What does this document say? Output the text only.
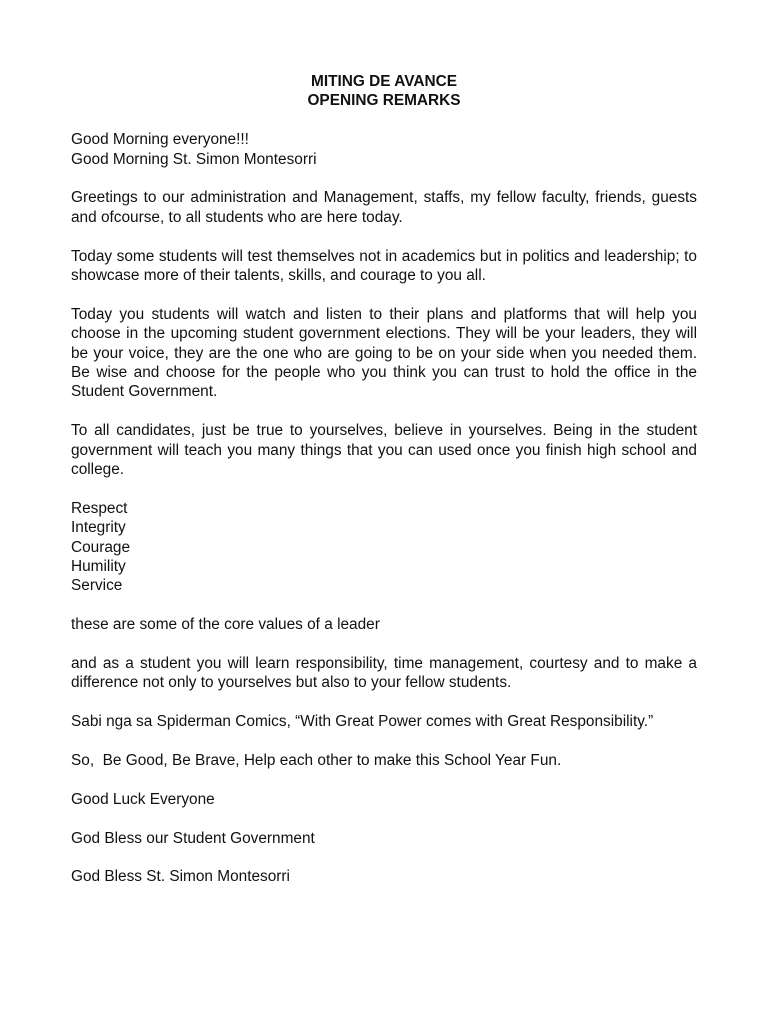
MITING DE AVANCE

OPENING REMARKS

Good Morning everyone!!!
Good Morning St. Simon Montesorri

Greetings to our administration and Management, staffs, my fellow faculty, friends, guests and ofcourse, to all students who are here today.

Today some students will test themselves not in academics but in politics and leadership; to showcase more of their talents, skills, and courage to you all.

Today you students will watch and listen to their plans and platforms that will help you choose in the upcoming student government elections. They will be your leaders, they will be your voice, they are the one who are going to be on your side when you needed them. Be wise and choose for the people who you think you can trust to hold the office in the Student Government.

To all candidates, just be true to yourselves, believe in yourselves. Being in the student government will teach you many things that you can used once you finish high school and college.

Respect
Integrity
Courage
Humility
Service

these are some of the core values of a leader

and as a student you will learn responsibility, time management, courtesy and to make a difference not only to yourselves but also to your fellow students.

Sabi nga sa Spiderman Comics, “With Great Power comes with Great Responsibility.”

So,  Be Good, Be Brave, Help each other to make this School Year Fun.

Good Luck Everyone

God Bless our Student Government

God Bless St. Simon Montesorri
